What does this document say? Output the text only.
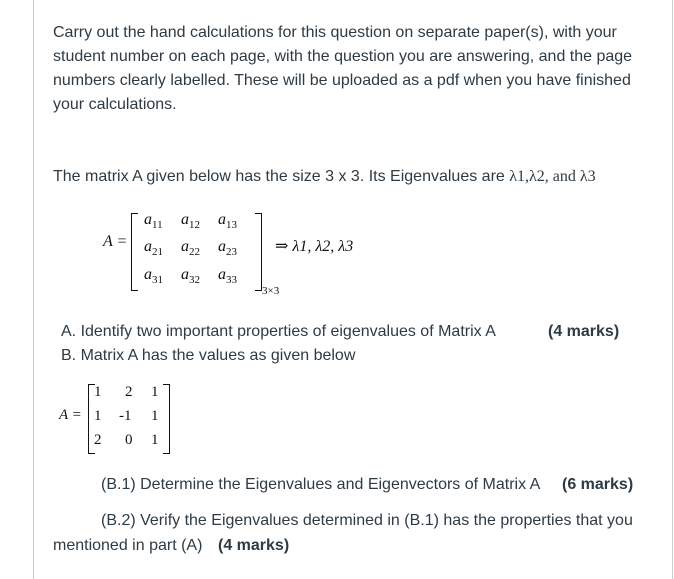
Carry out the hand calculations for this question on separate paper(s), with your student number on each page, with the question you are answering, and the page numbers clearly labelled. These will be uploaded as a pdf when you have finished your calculations.
The matrix A given below has the size 3 x 3. Its Eigenvalues are λ1,λ2, and λ3
A =
$a_{11}$ $a_{12}$ $a_{13}$
$a_{21}$ $a_{22}$ $a_{23}$
$a_{31}$ $a_{32}$ $a_{33}$
3×3
⇒ λ1, λ2, λ3
A. Identify two important properties of eigenvalues of Matrix A	(4 marks)
B. Matrix A has the values as given below
A =
1 2 1
1 -1 1
2 0 1
(B.1) Determine the Eigenvalues and Eigenvectors of Matrix A (6 marks)
(B.2) Verify the Eigenvalues determined in (B.1) has the properties that you
mentioned in part (A) (4 marks)
